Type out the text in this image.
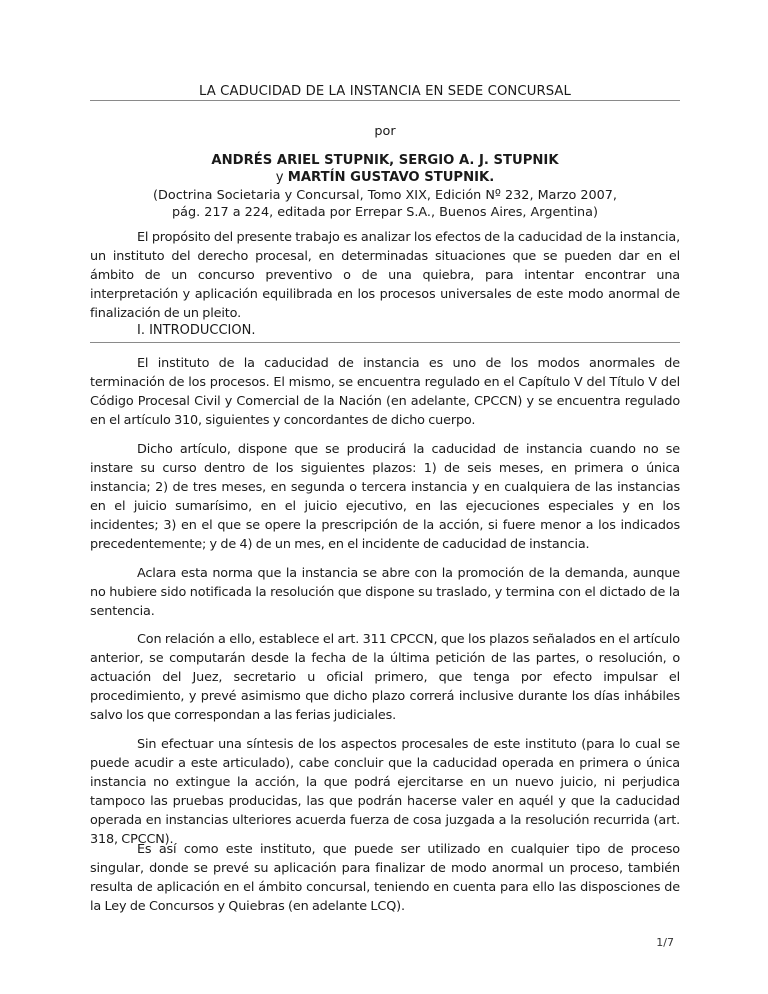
LA CADUCIDAD DE LA INSTANCIA EN SEDE CONCURSAL
por
ANDRÉS ARIEL STUPNIK, SERGIO A. J. STUPNIK
y MARTÍN GUSTAVO STUPNIK.
(Doctrina Societaria y Concursal, Tomo XIX, Edición Nº 232, Marzo 2007,
pág. 217 a 224, editada por Errepar S.A., Buenos Aires, Argentina)

El propósito del presente trabajo es analizar los efectos de la caducidad de la instancia, un instituto del derecho procesal, en determinadas situaciones que se pueden dar en el ámbito de un concurso preventivo o de una quiebra, para intentar encontrar una interpretación y aplicación equilibrada en los procesos universales de este modo anormal de finalización de un pleito.

I. INTRODUCCION.

El instituto de la caducidad de instancia es uno de los modos anormales de terminación de los procesos. El mismo, se encuentra regulado en el Capítulo V del Título V del Código Procesal Civil y Comercial de la Nación (en adelante, CPCCN) y se encuentra regulado en el artículo 310, siguientes y concordantes de dicho cuerpo.

Dicho artículo, dispone que se producirá la caducidad de instancia cuando no se instare su curso dentro de los siguientes plazos: 1) de seis meses, en primera o única instancia; 2) de tres meses, en segunda o tercera instancia y en cualquiera de las instancias en el juicio sumarísimo, en el juicio ejecutivo, en las ejecuciones especiales y en los incidentes; 3) en el que se opere la prescripción de la acción, si fuere menor a los indicados precedentemente; y de 4) de un mes, en el incidente de caducidad de instancia.

Aclara esta norma que la instancia se abre con la promoción de la demanda, aunque no hubiere sido notificada la resolución que dispone su traslado, y termina con el dictado de la sentencia.

Con relación a ello, establece el art. 311 CPCCN, que los plazos señalados en el artículo anterior, se computarán desde la fecha de la última petición de las partes, o resolución, o actuación del Juez, secretario u oficial primero, que tenga por efecto impulsar el procedimiento, y prevé asimismo que dicho plazo correrá inclusive durante los días inhábiles salvo los que correspondan a las ferias judiciales.

Sin efectuar una síntesis de los aspectos procesales de este instituto (para lo cual se puede acudir a este articulado), cabe concluir que la caducidad operada en primera o única instancia no extingue la acción, la que podrá ejercitarse en un nuevo juicio, ni perjudica tampoco las pruebas producidas, las que podrán hacerse valer en aquél y que la caducidad operada en instancias ulteriores acuerda fuerza de cosa juzgada a la resolución recurrida (art. 318, CPCCN).

Es así como este instituto, que puede ser utilizado en cualquier tipo de proceso singular, donde se prevé su aplicación para finalizar de modo anormal un proceso, también resulta de aplicación en el ámbito concursal, teniendo en cuenta para ello las disposciones de la Ley de Concursos y Quiebras (en adelante LCQ).

1/7
